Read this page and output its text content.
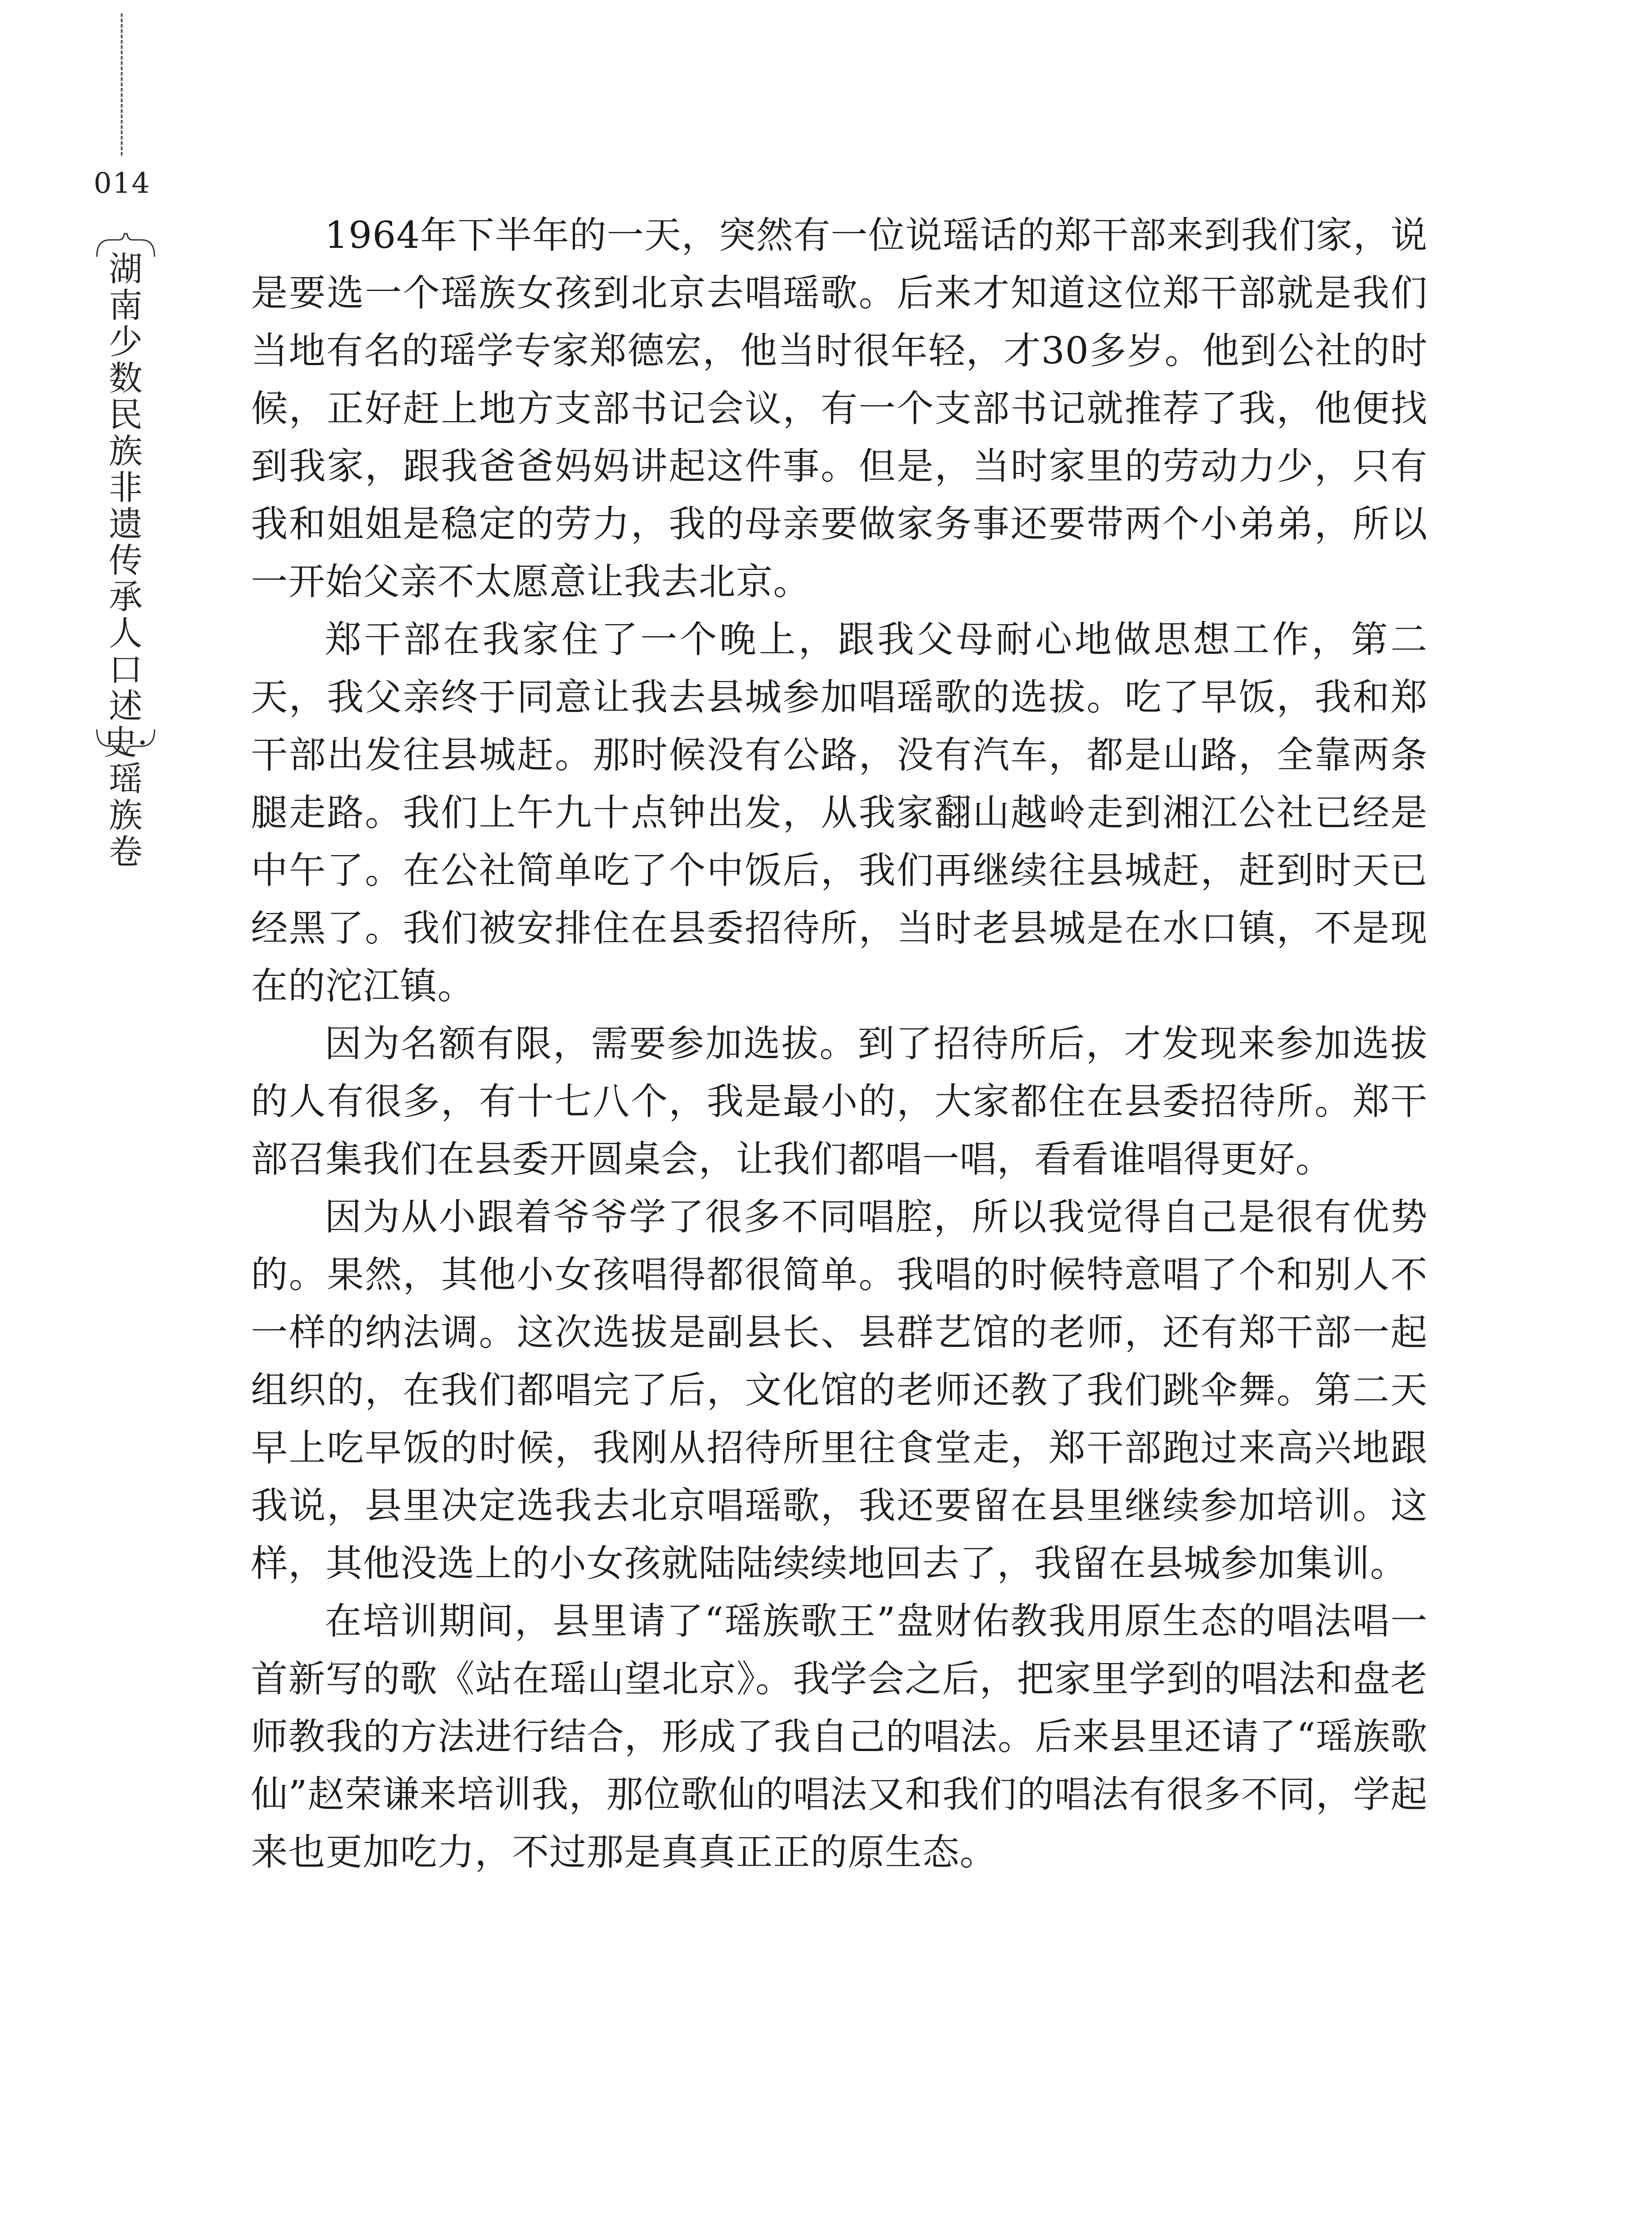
014
湖南少数民族非遗传承人口述史·瑶族卷

1964年下半年的一天，突然有一位说瑶话的郑干部来到我们家，说是要选一个瑶族女孩到北京去唱瑶歌。后来才知道这位郑干部就是我们当地有名的瑶学专家郑德宏，他当时很年轻，才30多岁。他到公社的时候，正好赶上地方支部书记会议，有一个支部书记就推荐了我，他便找到我家，跟我爸爸妈妈讲起这件事。但是，当时家里的劳动力少，只有我和姐姐是稳定的劳力，我的母亲要做家务事还要带两个小弟弟，所以一开始父亲不太愿意让我去北京。

郑干部在我家住了一个晚上，跟我父母耐心地做思想工作，第二天，我父亲终于同意让我去县城参加唱瑶歌的选拔。吃了早饭，我和郑干部出发往县城赶。那时候没有公路，没有汽车，都是山路，全靠两条腿走路。我们上午九十点钟出发，从我家翻山越岭走到湘江公社已经是中午了。在公社简单吃了个中饭后，我们再继续往县城赶，赶到时天已经黑了。我们被安排住在县委招待所，当时老县城是在水口镇，不是现在的沱江镇。

因为名额有限，需要参加选拔。到了招待所后，才发现来参加选拔的人有很多，有十七八个，我是最小的，大家都住在县委招待所。郑干部召集我们在县委开圆桌会，让我们都唱一唱，看看谁唱得更好。

因为从小跟着爷爷学了很多不同唱腔，所以我觉得自己是很有优势的。果然，其他小女孩唱得都很简单。我唱的时候特意唱了个和别人不一样的纳法调。这次选拔是副县长、县群艺馆的老师，还有郑干部一起组织的，在我们都唱完了后，文化馆的老师还教了我们跳伞舞。第二天早上吃早饭的时候，我刚从招待所里往食堂走，郑干部跑过来高兴地跟我说，县里决定选我去北京唱瑶歌，我还要留在县里继续参加培训。这样，其他没选上的小女孩就陆陆续续地回去了，我留在县城参加集训。

在培训期间，县里请了“瑶族歌王”盘财佑教我用原生态的唱法唱一首新写的歌《站在瑶山望北京》。我学会之后，把家里学到的唱法和盘老师教我的方法进行结合，形成了我自己的唱法。后来县里还请了“瑶族歌仙”赵荣谦来培训我，那位歌仙的唱法又和我们的唱法有很多不同，学起来也更加吃力，不过那是真真正正的原生态。
